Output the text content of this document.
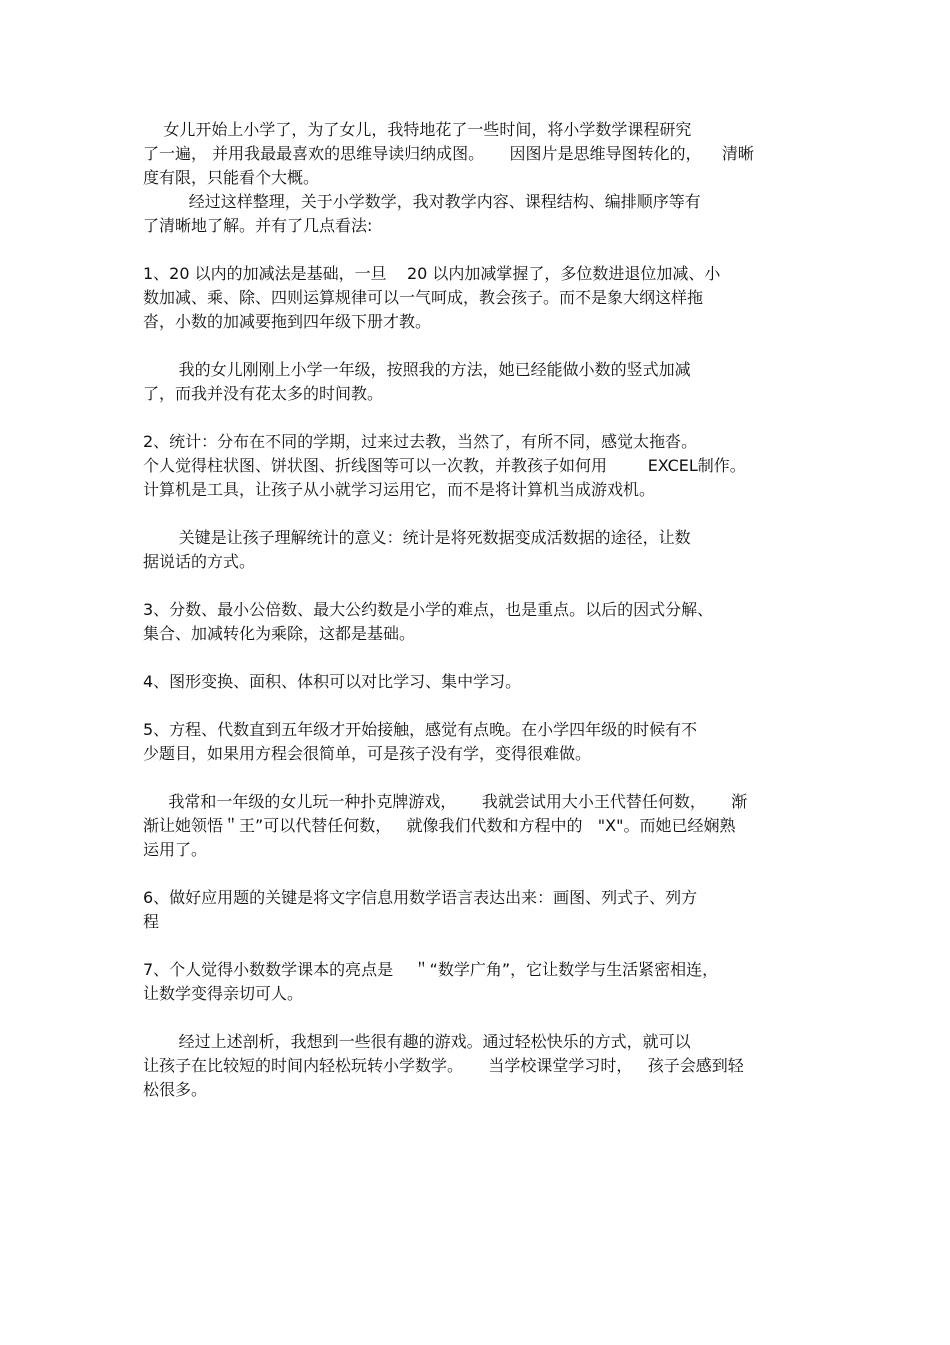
女儿开始上小学了，为了女儿，我特地花了一些时间，将小学数学课程研究
了一遍， 并用我最最喜欢的思维导读归纳成图。     因图片是思维导图转化的，    清晰
度有限，只能看个大概。
经过这样整理，关于小学数学，我对教学内容、课程结构、编排顺序等有
了清晰地了解。并有了几点看法:
1、20 以内的加减法是基础，一旦    20 以内加减掌握了，多位数进退位加减、小
数加减、乘、除、四则运算规律可以一气呵成，教会孩子。而不是象大纲这样拖
沓，小数的加减要拖到四年级下册才教。
我的女儿刚刚上小学一年级，按照我的方法，她已经能做小数的竖式加减
了，而我并没有花太多的时间教。
2、统计：分布在不同的学期，过来过去教，当然了，有所不同，感觉太拖沓。
个人觉得柱状图、饼状图、折线图等可以一次教，并教孩子如何用        EXCEL制作。
计算机是工具，让孩子从小就学习运用它，而不是将计算机当成游戏机。
关键是让孩子理解统计的意义：统计是将死数据变成活数据的途径，让数
据说话的方式。
3、分数、最小公倍数、最大公约数是小学的难点，也是重点。以后的因式分解、
集合、加减转化为乘除，这都是基础。
4、图形变换、面积、体积可以对比学习、集中学习。
5、方程、代数直到五年级才开始接触，感觉有点晚。在小学四年级的时候有不
少题目，如果用方程会很简单，可是孩子没有学，变得很难做。
我常和一年级的女儿玩一种扑克牌游戏，     我就尝试用大小王代替任何数，     渐
渐让她领悟＂王”可以代替任何数，   就像我们代数和方程中的   "X"。而她已经娴熟
运用了。
6、做好应用题的关键是将文字信息用数学语言表达出来：画图、列式子、列方
程
7、个人觉得小数数学课本的亮点是    ＂“数学广角”，它让数学与生活紧密相连，
让数学变得亲切可人。
经过上述剖析，我想到一些很有趣的游戏。通过轻松快乐的方式，就可以
让孩子在比较短的时间内轻松玩转小学数学。     当学校课堂学习时，   孩子会感到轻
松很多。
